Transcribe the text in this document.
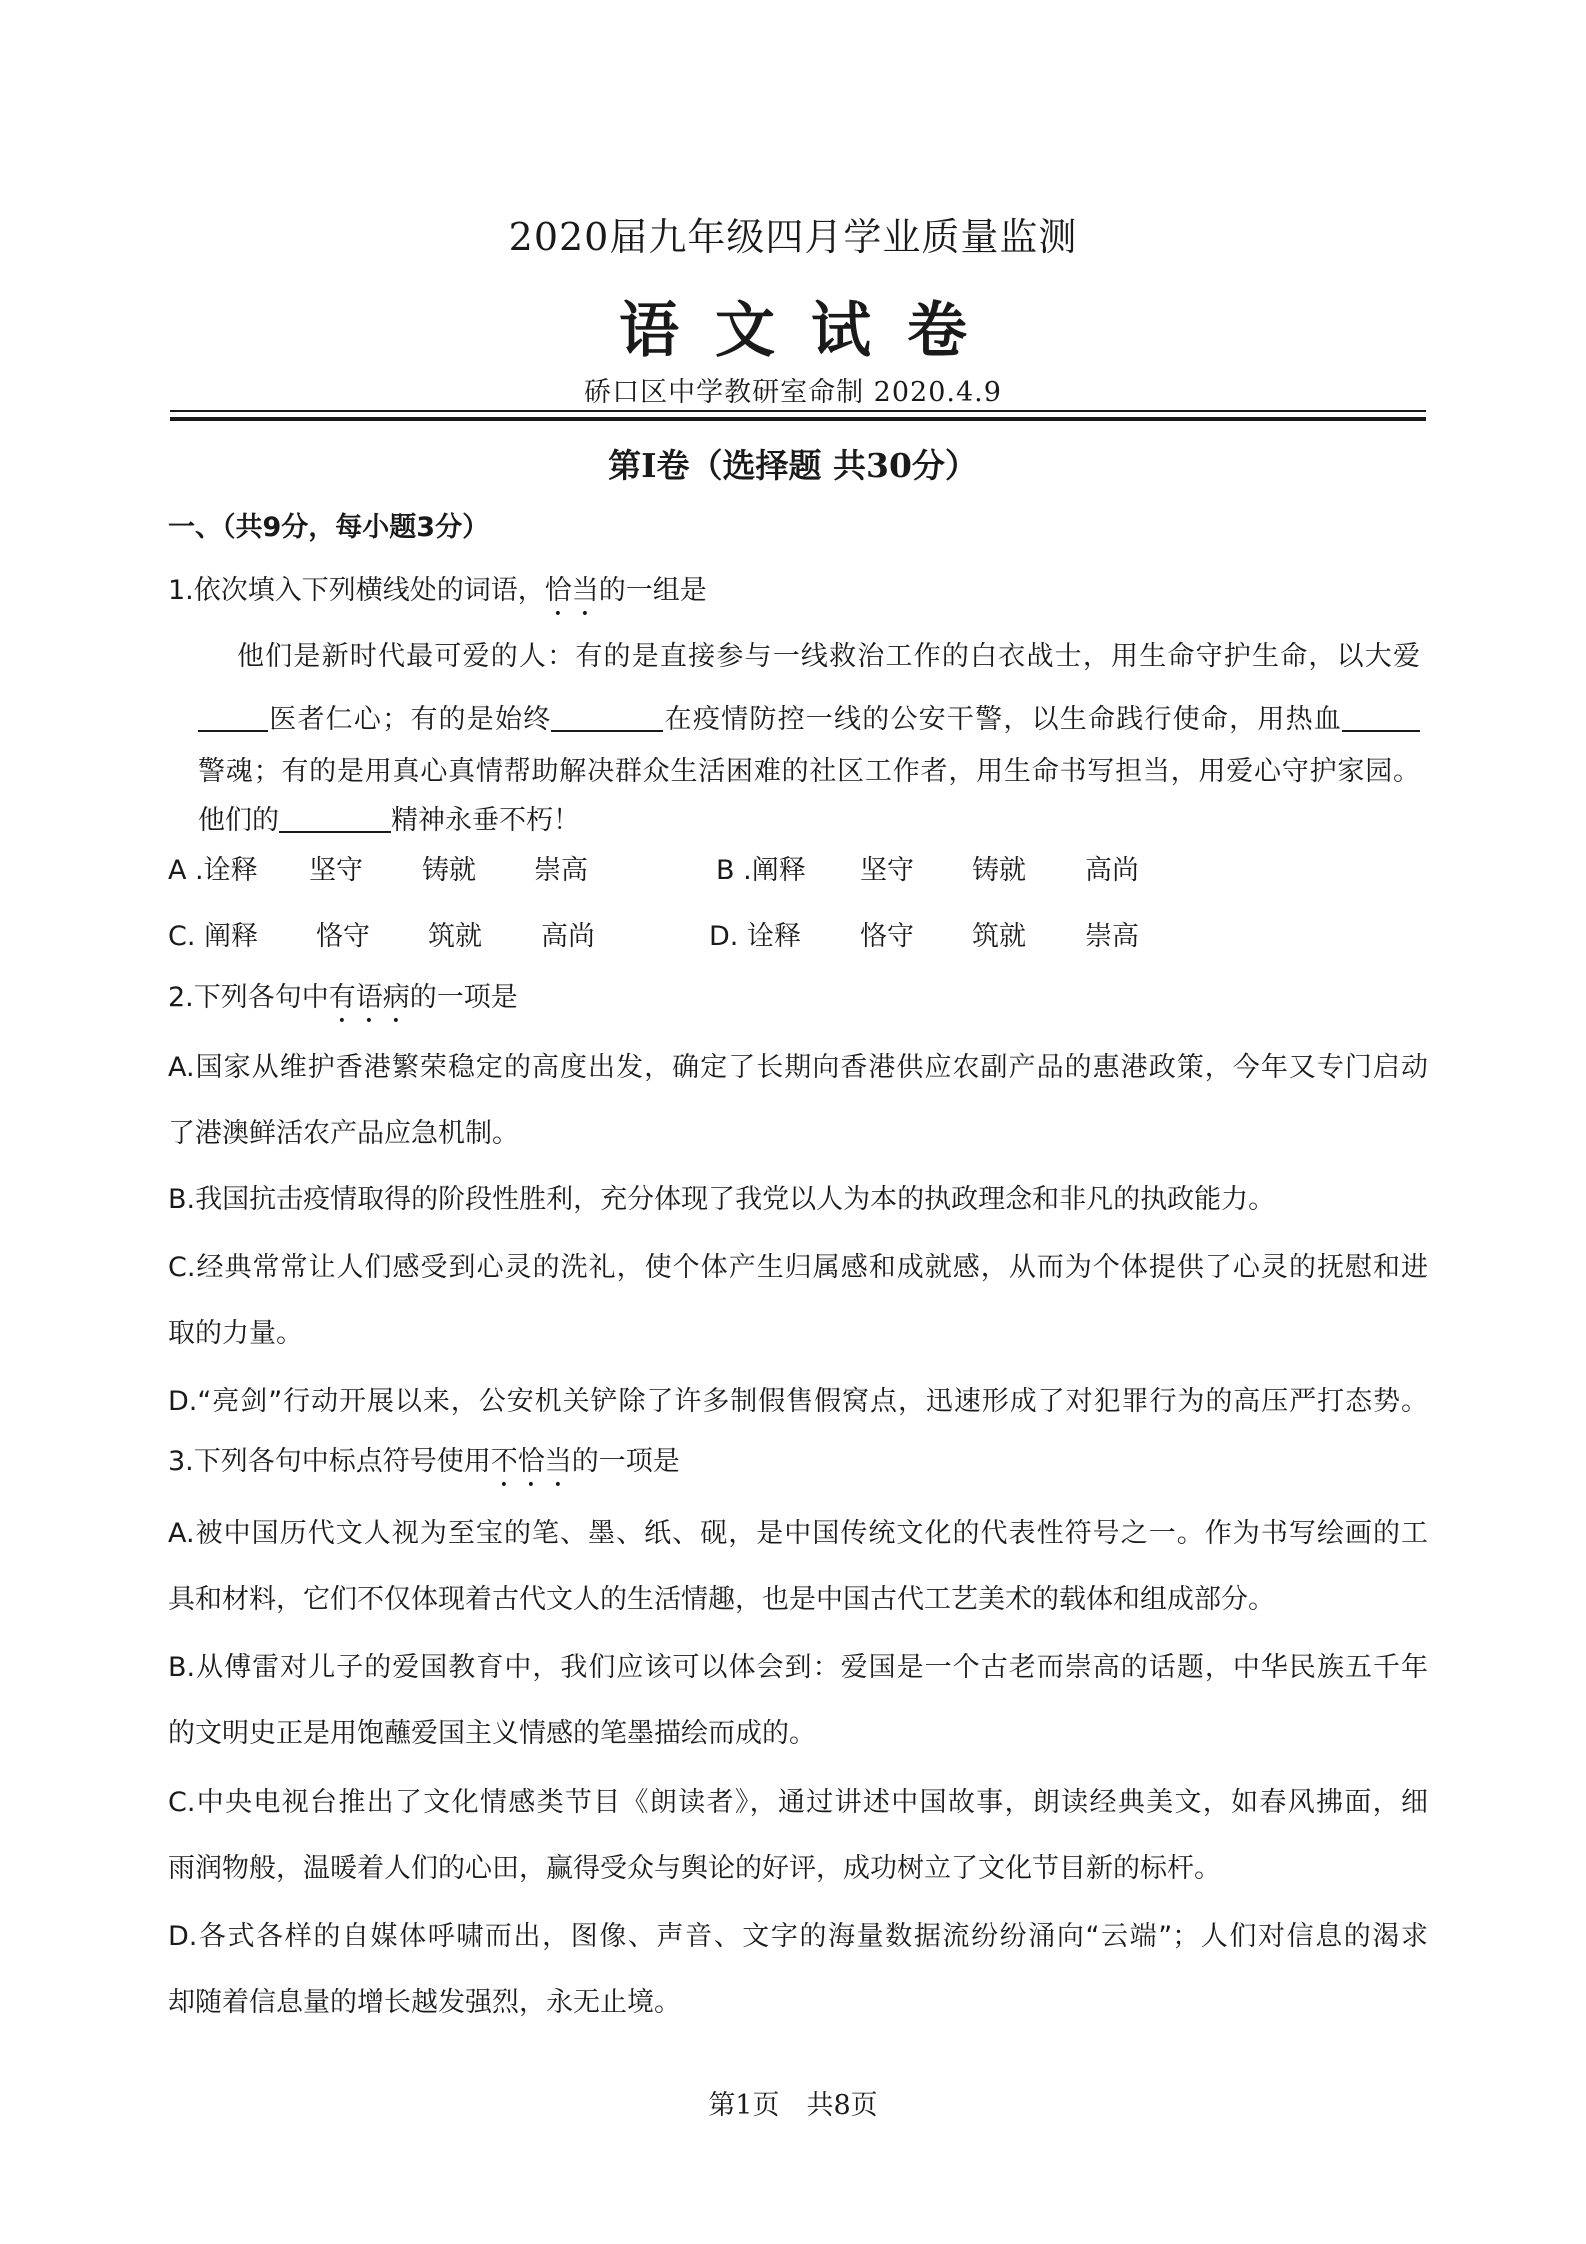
2020届九年级四月学业质量监测
语文试卷
硚口区中学教研室命制 2020.4.9
第Ⅰ卷（选择题 共30分）
一、（共9分，每小题3分）
1.依次填入下列横线处的词语，恰当的一组是
他们是新时代最可爱的人：有的是直接参与一线救治工作的白衣战士，用生命守护生命，以大爱
医者仁心；有的是始终	在疫情防控一线的公安干警，以生命践行使命，用热血
警魂；有的是用真心真情帮助解决群众生活困难的社区工作者，用生命书写担当，用爱心守护家园。
他们的	精神永垂不朽！
A .诠释 坚守 铸就 崇高	B .阐释 坚守 铸就 高尚
C. 阐释 恪守 筑就 高尚	D. 诠释 恪守 筑就 崇高
2.下列各句中有语病的一项是
A.国家从维护香港繁荣稳定的高度出发，确定了长期向香港供应农副产品的惠港政策，今年又专门启动
了港澳鲜活农产品应急机制。
B.我国抗击疫情取得的阶段性胜利，充分体现了我党以人为本的执政理念和非凡的执政能力。
C.经典常常让人们感受到心灵的洗礼，使个体产生归属感和成就感，从而为个体提供了心灵的抚慰和进
取的力量。
D.“亮剑”行动开展以来，公安机关铲除了许多制假售假窝点，迅速形成了对犯罪行为的高压严打态势。
3.下列各句中标点符号使用不恰当的一项是
A.被中国历代文人视为至宝的笔、墨、纸、砚，是中国传统文化的代表性符号之一。作为书写绘画的工
具和材料，它们不仅体现着古代文人的生活情趣，也是中国古代工艺美术的载体和组成部分。
B.从傅雷对儿子的爱国教育中，我们应该可以体会到：爱国是一个古老而崇高的话题，中华民族五千年
的文明史正是用饱蘸爱国主义情感的笔墨描绘而成的。
C.中央电视台推出了文化情感类节目《朗读者》，通过讲述中国故事，朗读经典美文，如春风拂面，细
雨润物般，温暖着人们的心田，赢得受众与舆论的好评，成功树立了文化节目新的标杆。
D.各式各样的自媒体呼啸而出，图像、声音、文字的海量数据流纷纷涌向“云端”；人们对信息的渴求
却随着信息量的增长越发强烈，永无止境。
第1页　共8页
